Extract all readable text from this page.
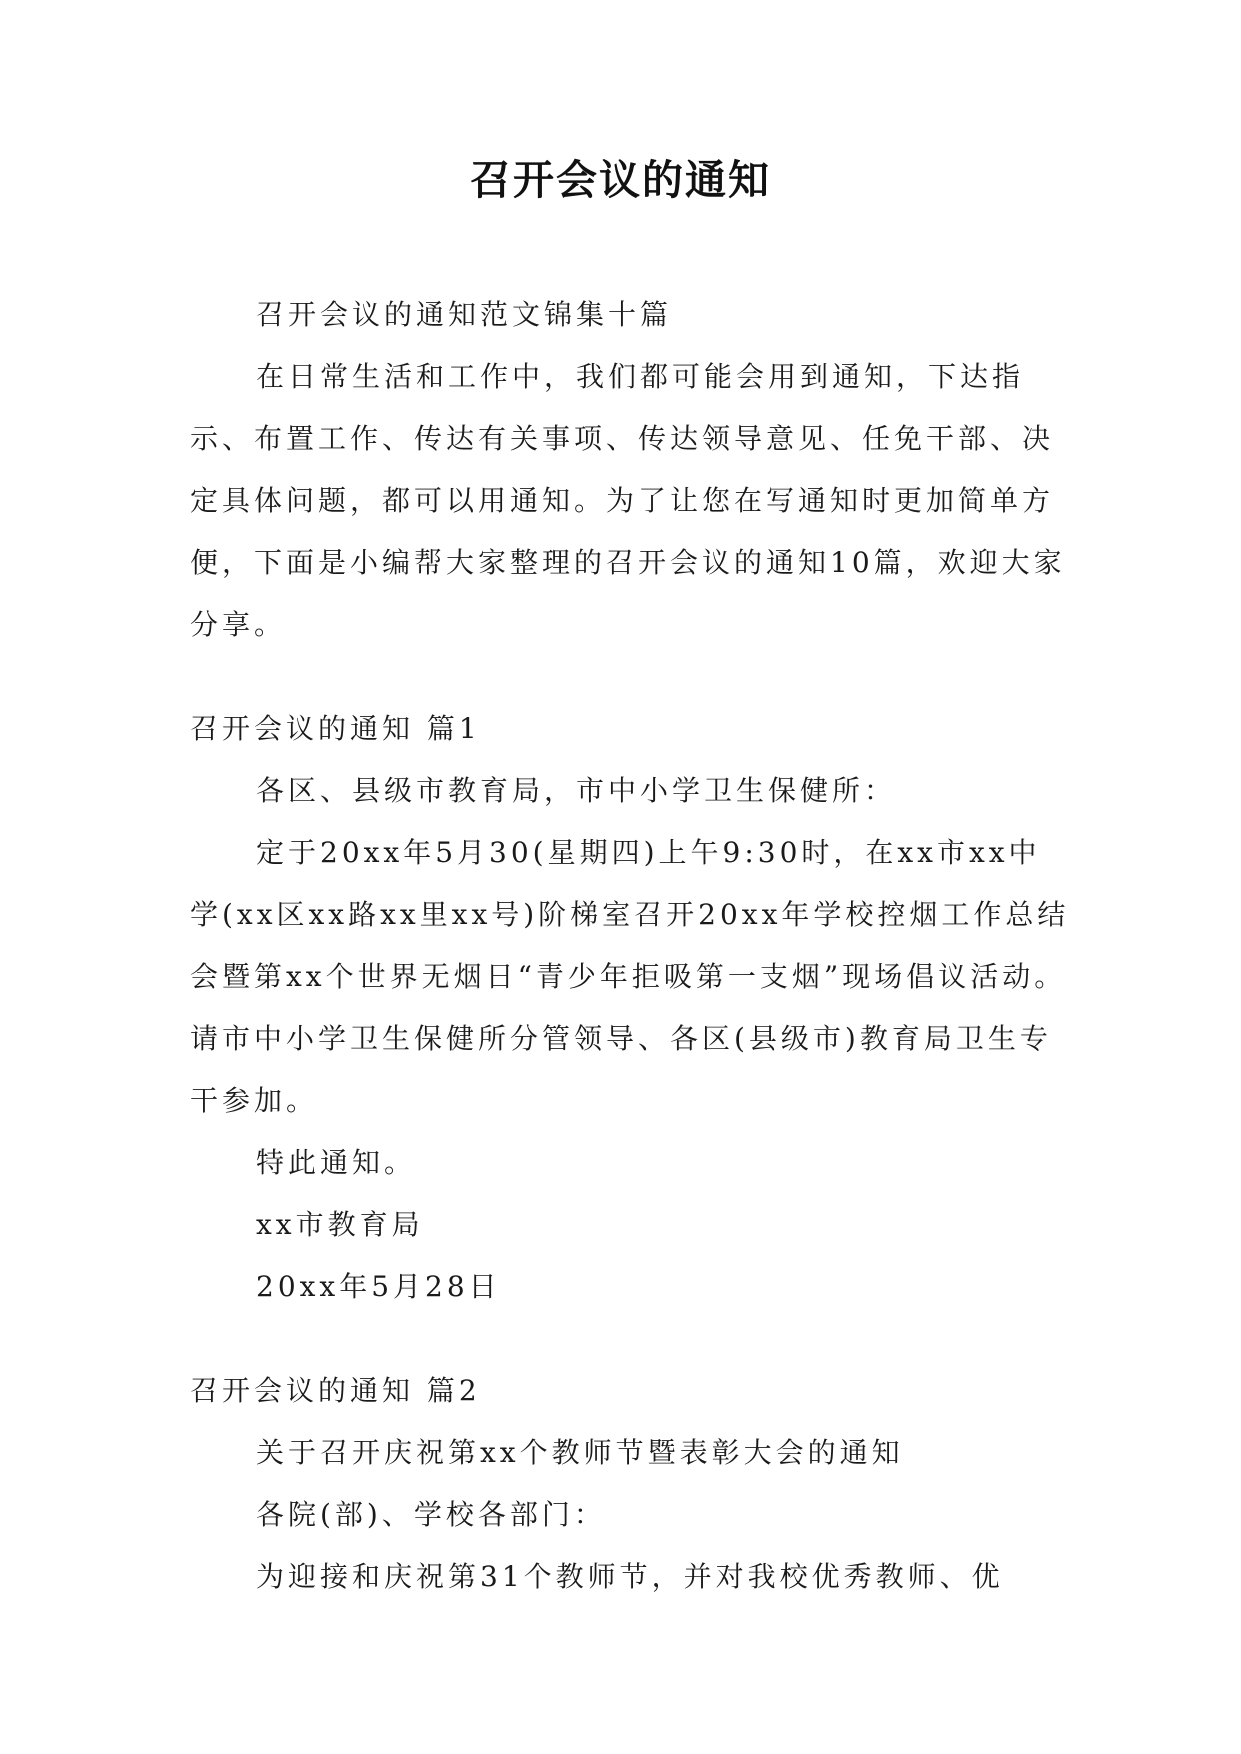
召开会议的通知

召开会议的通知范文锦集十篇

在日常生活和工作中，我们都可能会用到通知，下达指示、布置工作、传达有关事项、传达领导意见、任免干部、决定具体问题，都可以用通知。为了让您在写通知时更加简单方便，下面是小编帮大家整理的召开会议的通知10篇，欢迎大家分享。

召开会议的通知 篇1

各区、县级市教育局，市中小学卫生保健所：

定于20xx年5月30(星期四)上午9:30时，在xx市xx中学(xx区xx路xx里xx号)阶梯室召开20xx年学校控烟工作总结会暨第xx个世界无烟日“青少年拒吸第一支烟”现场倡议活动。请市中小学卫生保健所分管领导、各区(县级市)教育局卫生专干参加。

特此通知。

xx市教育局

20xx年5月28日

召开会议的通知 篇2

关于召开庆祝第xx个教师节暨表彰大会的通知

各院(部)、学校各部门：

为迎接和庆祝第31个教师节，并对我校优秀教师、优
